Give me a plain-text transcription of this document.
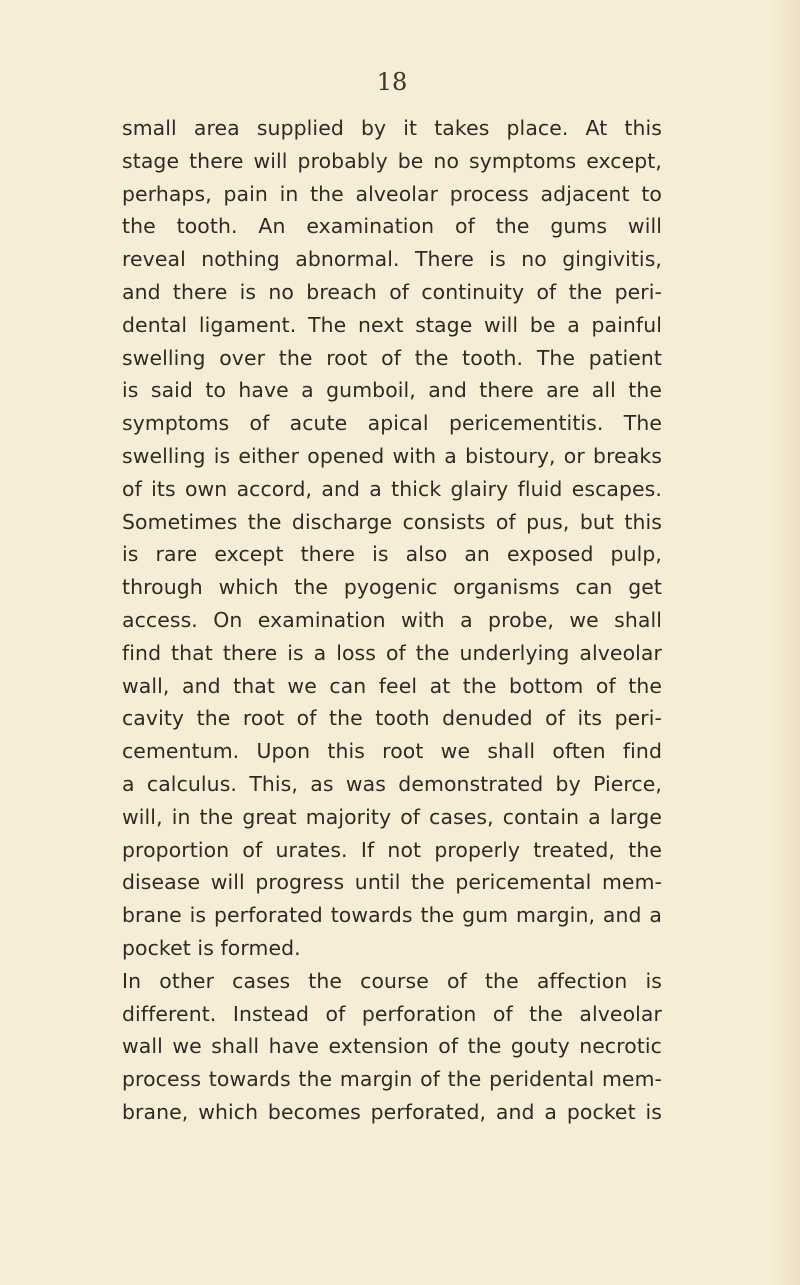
18

small area supplied by it takes place. At this
stage there will probably be no symptoms except,
perhaps, pain in the alveolar process adjacent to
the tooth. An examination of the gums will
reveal nothing abnormal. There is no gingivitis,
and there is no breach of continuity of the peri-
dental ligament. The next stage will be a painful
swelling over the root of the tooth. The patient
is said to have a gumboil, and there are all the
symptoms of acute apical pericementitis. The
swelling is either opened with a bistoury, or breaks
of its own accord, and a thick glairy fluid escapes.
Sometimes the discharge consists of pus, but this
is rare except there is also an exposed pulp,
through which the pyogenic organisms can get
access. On examination with a probe, we shall
find that there is a loss of the underlying alveolar
wall, and that we can feel at the bottom of the
cavity the root of the tooth denuded of its peri-
cementum. Upon this root we shall often find
a calculus. This, as was demonstrated by Pierce,
will, in the great majority of cases, contain a large
proportion of urates. If not properly treated, the
disease will progress until the pericemental mem-
brane is perforated towards the gum margin, and a
pocket is formed.
In other cases the course of the affection is
different. Instead of perforation of the alveolar
wall we shall have extension of the gouty necrotic
process towards the margin of the peridental mem-
brane, which becomes perforated, and a pocket is
